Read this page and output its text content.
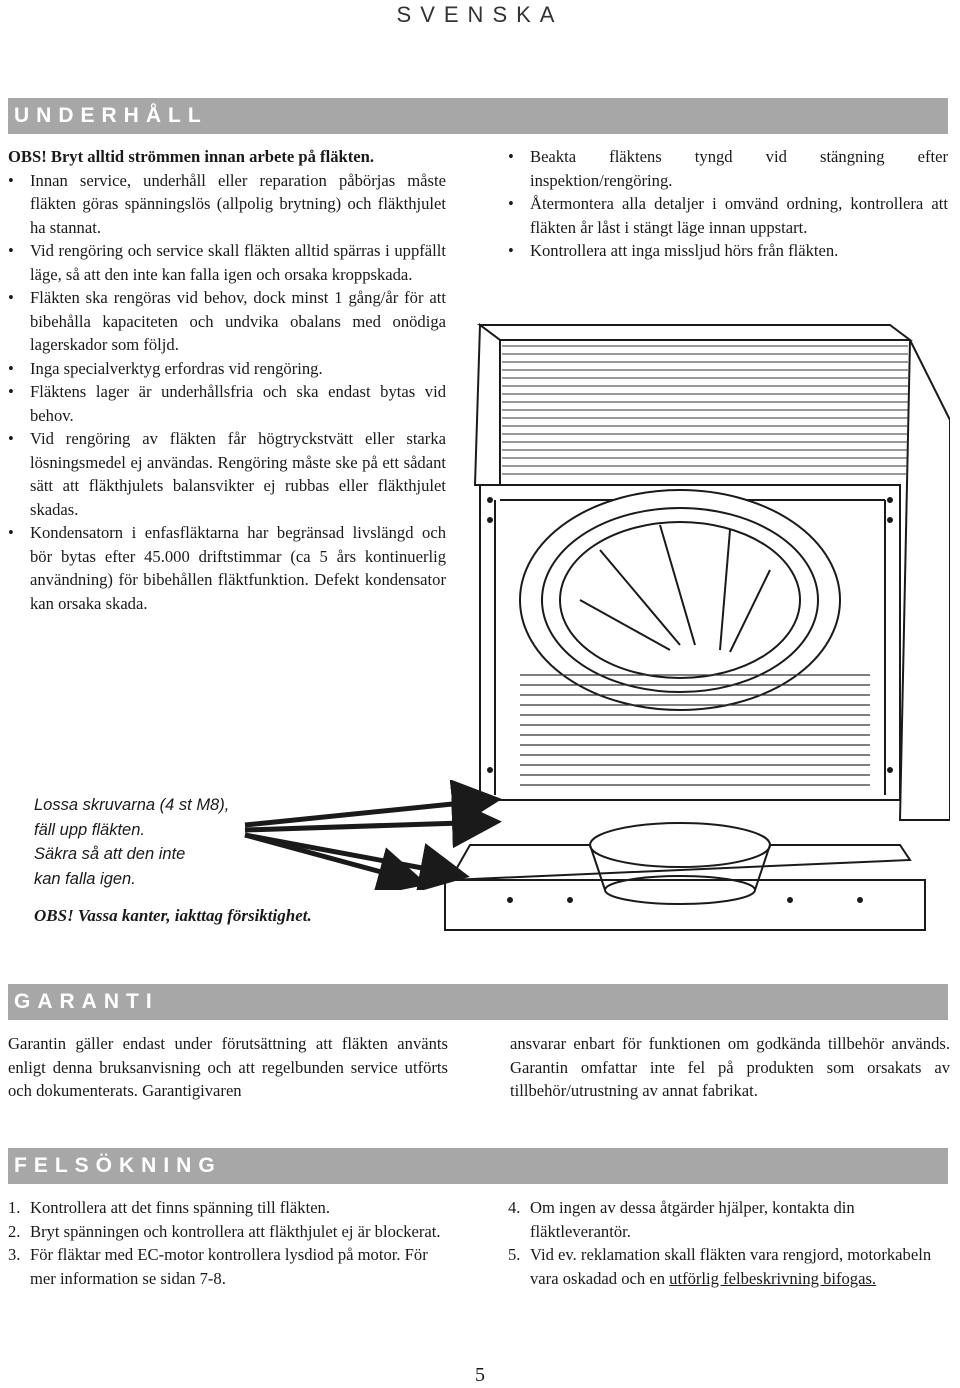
SVENSKA
UNDERHÅLL

OBS! Bryt alltid strömmen innan arbete på fläkten.

• Innan service, underhåll eller reparation påbörjas måste fläkten göras spänningslös (allpolig brytning) och fläkthjulet ha stannat.

• Vid rengöring och service skall fläkten alltid spärras i uppfällt läge, så att den inte kan falla igen och orsaka kroppskada.

• Fläkten ska rengöras vid behov, dock minst 1 gång/år för att bibehålla kapaciteten och undvika obalans med onödiga lagerskador som följd.

• Inga specialverktyg erfordras vid rengöring.

• Fläktens lager är underhållsfria och ska endast bytas vid behov.

• Vid rengöring av fläkten får högtryckstvätt eller starka lösningsmedel ej användas. Rengöring måste ske på ett sådant sätt att fläkthjulets balansvikter ej rubbas eller fläkthjulet skadas.

• Kondensatorn i enfasfläktarna har begränsad livslängd och bör bytas efter 45.000 driftstimmar (ca 5 års kontinuerlig användning) för bibehållen fläktfunktion. Defekt kondensator kan orsaka skada.

• Beakta fläktens tyngd vid stängning efter inspektion/rengöring.

• Återmontera alla detaljer i omvänd ordning, kontrollera att fläkten år låst i stängt läge innan uppstart.

• Kontrollera att inga missljud hörs från fläkten.

Lossa skruvarna (4 st M8),

fäll upp fläkten.

Säkra så att den inte

kan falla igen.

OBS! Vassa kanter, iakttag försiktighet.
GARANTI

Garantin gäller endast under förutsättning att fläkten använts enligt denna bruksanvisning och att regelbunden service utförts och dokumenterats. Garantigivaren

ansvarar enbart för funktionen om godkända tillbehör används. Garantin omfattar inte fel på produkten som orsakats av tillbehör/utrustning av annat fabrikat.

FELSÖKNING

1. Kontrollera att det finns spänning till fläkten.

2. Bryt spänningen och kontrollera att fläkthjulet ej är blockerat.

3. För fläktar med EC-motor kontrollera lysdiod på motor. För mer information se sidan 7-8.

4. Om ingen av dessa åtgärder hjälper, kontakta din fläktleverantör.

5. Vid ev. reklamation skall fläkten vara rengjord, motorkabeln vara oskadad och en utförlig felbeskrivning bifogas.

5
